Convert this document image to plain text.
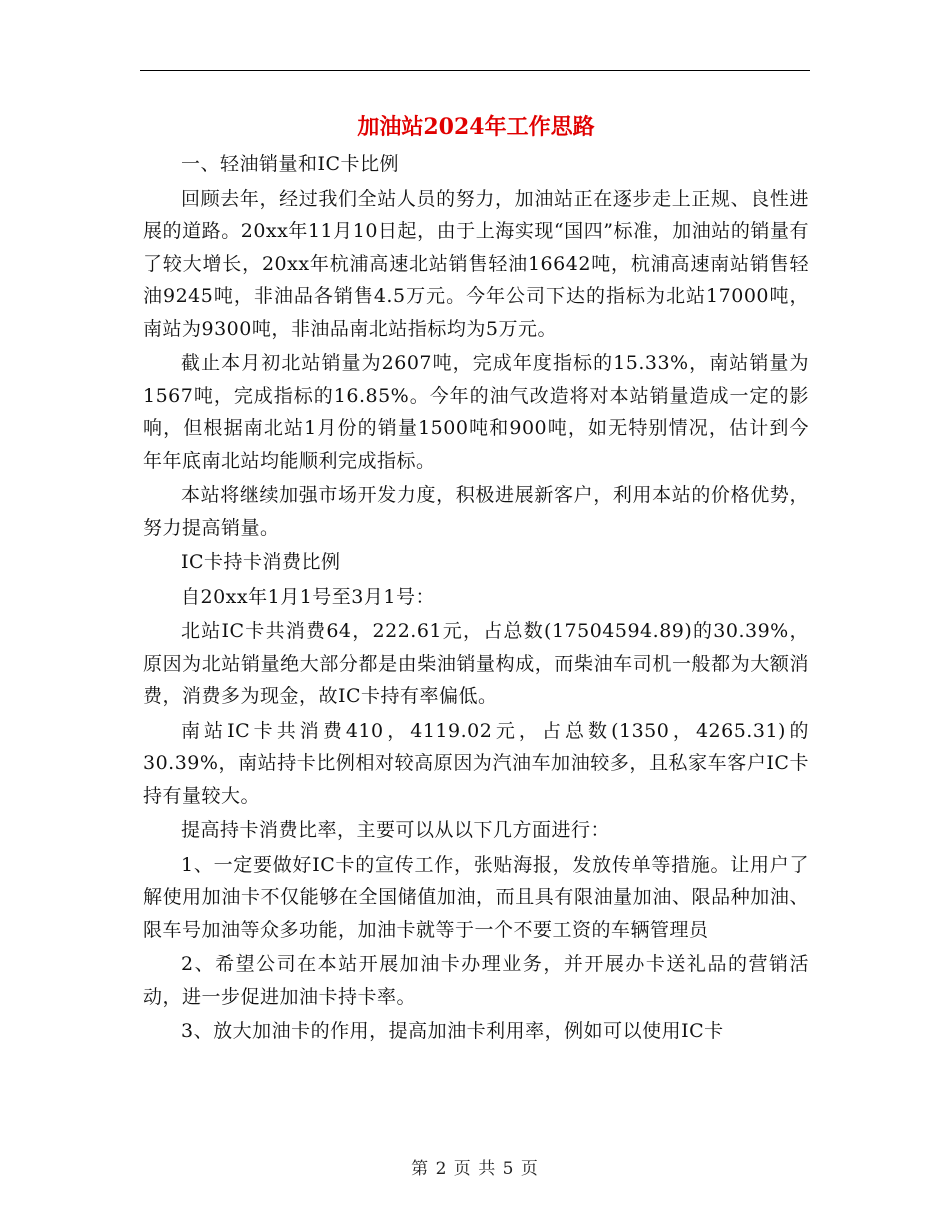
加油站2024年工作思路

一、轻油销量和IC卡比例

回顾去年，经过我们全站人员的努力，加油站正在逐步走上正规、良性进展的道路。20xx年11月10日起，由于上海实现“国四”标准，加油站的销量有了较大增长，20xx年杭浦高速北站销售轻油16642吨，杭浦高速南站销售轻油9245吨，非油品各销售4.5万元。今年公司下达的指标为北站17000吨，南站为9300吨，非油品南北站指标均为5万元。

截止本月初北站销量为2607吨，完成年度指标的15.33%，南站销量为1567吨，完成指标的16.85%。今年的油气改造将对本站销量造成一定的影响，但根据南北站1月份的销量1500吨和900吨，如无特别情况，估计到今年年底南北站均能顺利完成指标。

本站将继续加强市场开发力度，积极进展新客户，利用本站的价格优势，努力提高销量。

IC卡持卡消费比例

自20xx年1月1号至3月1号：

北站IC卡共消费64，222.61元，占总数(17504594.89)的30.39%，原因为北站销量绝大部分都是由柴油销量构成，而柴油车司机一般都为大额消费，消费多为现金，故IC卡持有率偏低。

南站IC卡共消费410，4119.02元，占总数(1350，4265.31)的30.39%，南站持卡比例相对较高原因为汽油车加油较多，且私家车客户IC卡持有量较大。

提高持卡消费比率，主要可以从以下几方面进行：

1、一定要做好IC卡的宣传工作，张贴海报，发放传单等措施。让用户了解使用加油卡不仅能够在全国储值加油，而且具有限油量加油、限品种加油、限车号加油等众多功能，加油卡就等于一个不要工资的车辆管理员

2、希望公司在本站开展加油卡办理业务，并开展办卡送礼品的营销活动，进一步促进加油卡持卡率。

3、放大加油卡的作用，提高加油卡利用率，例如可以使用IC卡

第 2 页 共 5 页
